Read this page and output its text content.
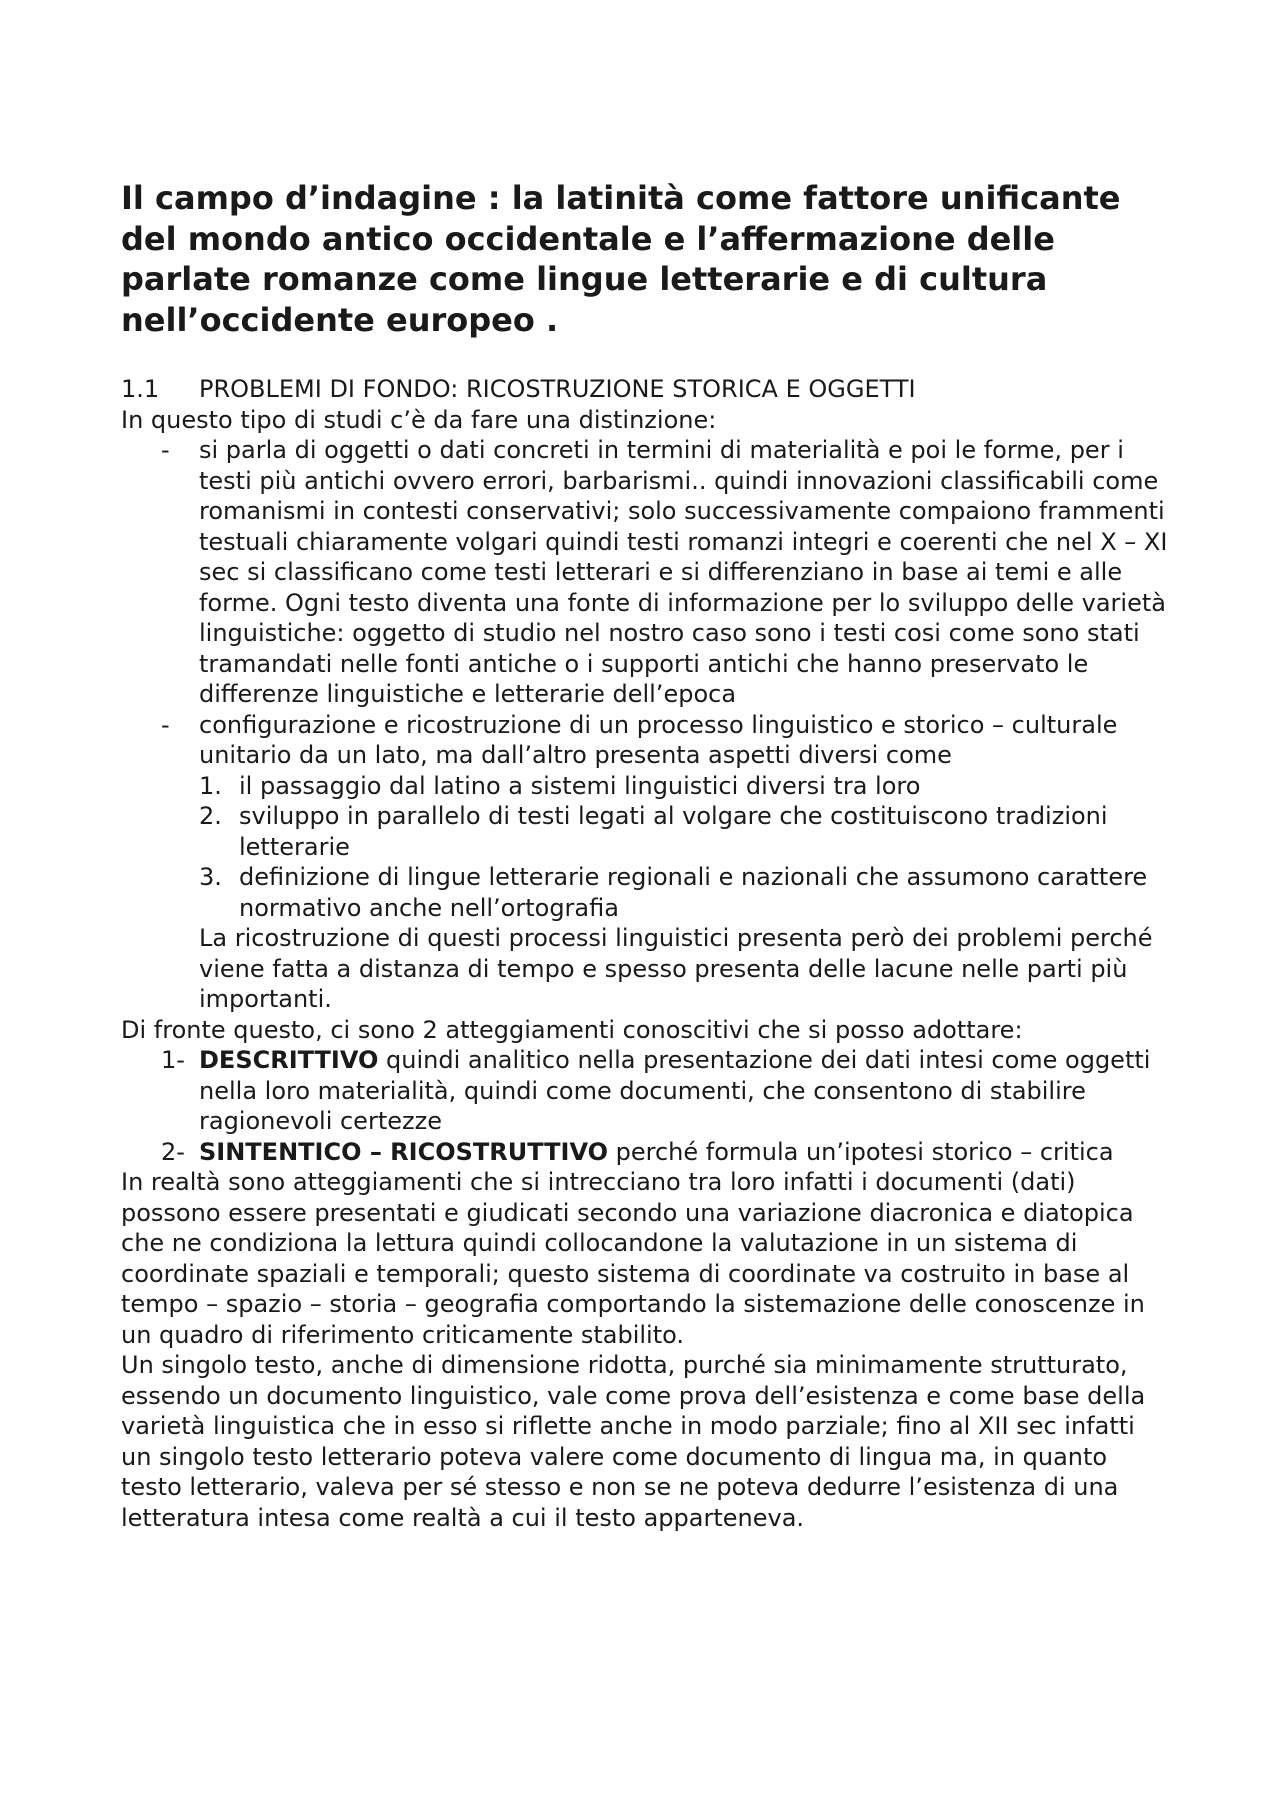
Il campo d’indagine : la latinità come fattore unificante del mondo antico occidentale e l’affermazione delle parlate romanze come lingue letterarie e di cultura nell’occidente europeo .
1.1	PROBLEMI DI FONDO: RICOSTRUZIONE STORICA E OGGETTI

In questo tipo di studi c’è da fare una distinzione:

-	si parla di oggetti o dati concreti in termini di materialità e poi le forme, per i testi più antichi ovvero errori, barbarismi.. quindi innovazioni classificabili come romanismi in contesti conservativi; solo successivamente compaiono frammenti testuali chiaramente volgari quindi testi romanzi integri e coerenti che nel X – XI sec si classificano come testi letterari e si differenziano in base ai temi e alle forme. Ogni testo diventa una fonte di informazione per lo sviluppo delle varietà linguistiche: oggetto di studio nel nostro caso sono i testi cosi come sono stati tramandati nelle fonti antiche o i supporti antichi che hanno preservato le differenze linguistiche e letterarie dell’epoca
-	configurazione e ricostruzione di un processo linguistico e storico – culturale unitario da un lato, ma dall’altro presenta aspetti diversi come
1. il passaggio dal latino a sistemi linguistici diversi tra loro
2. sviluppo in parallelo di testi legati al volgare che costituiscono tradizioni letterarie
3. definizione di lingue letterarie regionali e nazionali che assumono carattere normativo anche nell’ortografia

La ricostruzione di questi processi linguistici presenta però dei problemi perché viene fatta a distanza di tempo e spesso presenta delle lacune nelle parti più importanti.

Di fronte questo, ci sono 2 atteggiamenti conoscitivi che si posso adottare:

1- DESCRITTIVO quindi analitico nella presentazione dei dati intesi come oggetti nella loro materialità, quindi come documenti, che consentono di stabilire ragionevoli certezze
2- SINTENTICO – RICOSTRUTTIVO perché formula un’ipotesi storico – critica

In realtà sono atteggiamenti che si intrecciano tra loro infatti i documenti (dati) possono essere presentati e giudicati secondo una variazione diacronica e diatopica che ne condiziona la lettura quindi collocandone la valutazione in un sistema di coordinate spaziali e temporali; questo sistema di coordinate va costruito in base al tempo – spazio – storia – geografia comportando la sistemazione delle conoscenze in un quadro di riferimento criticamente stabilito.

Un singolo testo, anche di dimensione ridotta, purché sia minimamente strutturato, essendo un documento linguistico, vale come prova dell’esistenza e come base della varietà linguistica che in esso si riflette anche in modo parziale; fino al XII sec infatti un singolo testo letterario poteva valere come documento di lingua ma, in quanto testo letterario, valeva per sé stesso e non se ne poteva dedurre l’esistenza di una letteratura intesa come realtà a cui il testo apparteneva.
